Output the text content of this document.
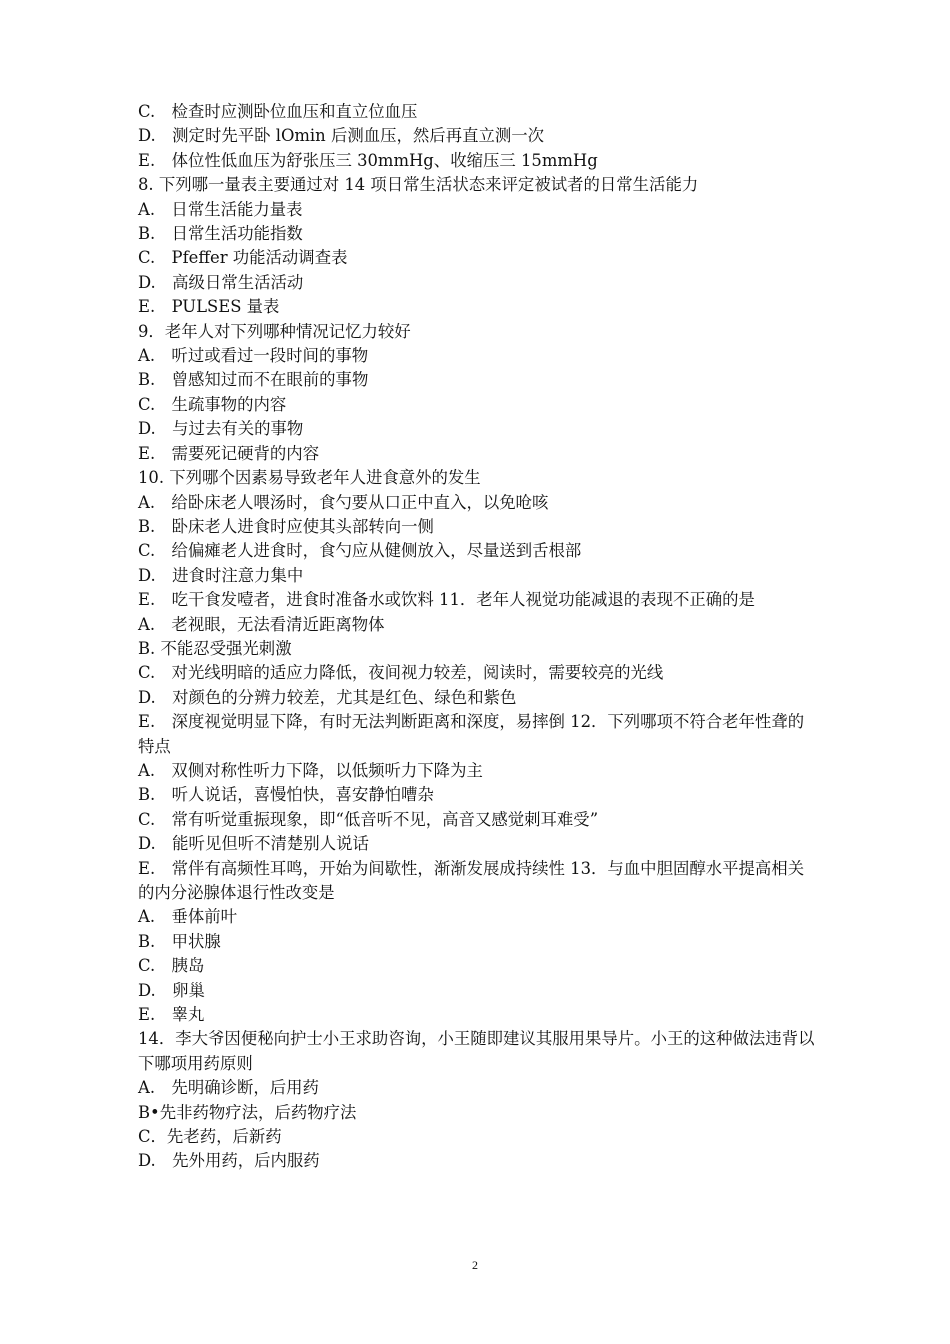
C.　检查时应测卧位血压和直立位血压

D.　测定时先平卧 lOmin 后测血压，然后再直立测一次

E.　体位性低血压为舒张压三 30mmHg、收缩压三 15mmHg

8. 下列哪一量表主要通过对 14 项日常生活状态来评定被试者的日常生活能力

A.　日常生活能力量表

B.　日常生活功能指数

C.　Pfeffer 功能活动调查表

D.　高级日常生活活动

E.　PULSES 量表

9．老年人对下列哪种情况记忆力较好

A.　听过或看过一段时间的事物

B.　曾感知过而不在眼前的事物

C.　生疏事物的内容

D.　与过去有关的事物

E.　需要死记硬背的内容

10. 下列哪个因素易导致老年人进食意外的发生

A.　给卧床老人喂汤时，食勺要从口正中直入，以免呛咳

B.　卧床老人进食时应使其头部转向一侧

C.　给偏瘫老人进食时，食勺应从健侧放入，尽量送到舌根部

D.　进食时注意力集中

E.　吃干食发噎者，进食时准备水或饮料 11．老年人视觉功能减退的表现不正确的是

A.　老视眼，无法看清近距离物体

B. 不能忍受强光刺激

C.　对光线明暗的适应力降低，夜间视力较差，阅读时，需要较亮的光线

D.　对颜色的分辨力较差，尤其是红色、绿色和紫色

E.　深度视觉明显下降，有时无法判断距离和深度，易摔倒 12．下列哪项不符合老年性聋的特点

A.　双侧对称性听力下降，以低频听力下降为主

B.　听人说话，喜慢怕快，喜安静怕嘈杂

C.　常有听觉重振现象，即“低音听不见，高音又感觉刺耳难受”

D.　能听见但听不清楚别人说话

E.　常伴有高频性耳鸣，开始为间歇性，渐渐发展成持续性 13．与血中胆固醇水平提高相关的内分泌腺体退行性改变是

A.　垂体前叶

B.　甲状腺

C.　胰岛

D.　卵巢

E.　睾丸

14．李大爷因便秘向护士小王求助咨询，小王随即建议其服用果导片。小王的这种做法违背以下哪项用药原则

A.　先明确诊断，后用药

B•先非药物疗法，后药物疗法

C．先老药，后新药

D.　先外用药，后内服药

2
